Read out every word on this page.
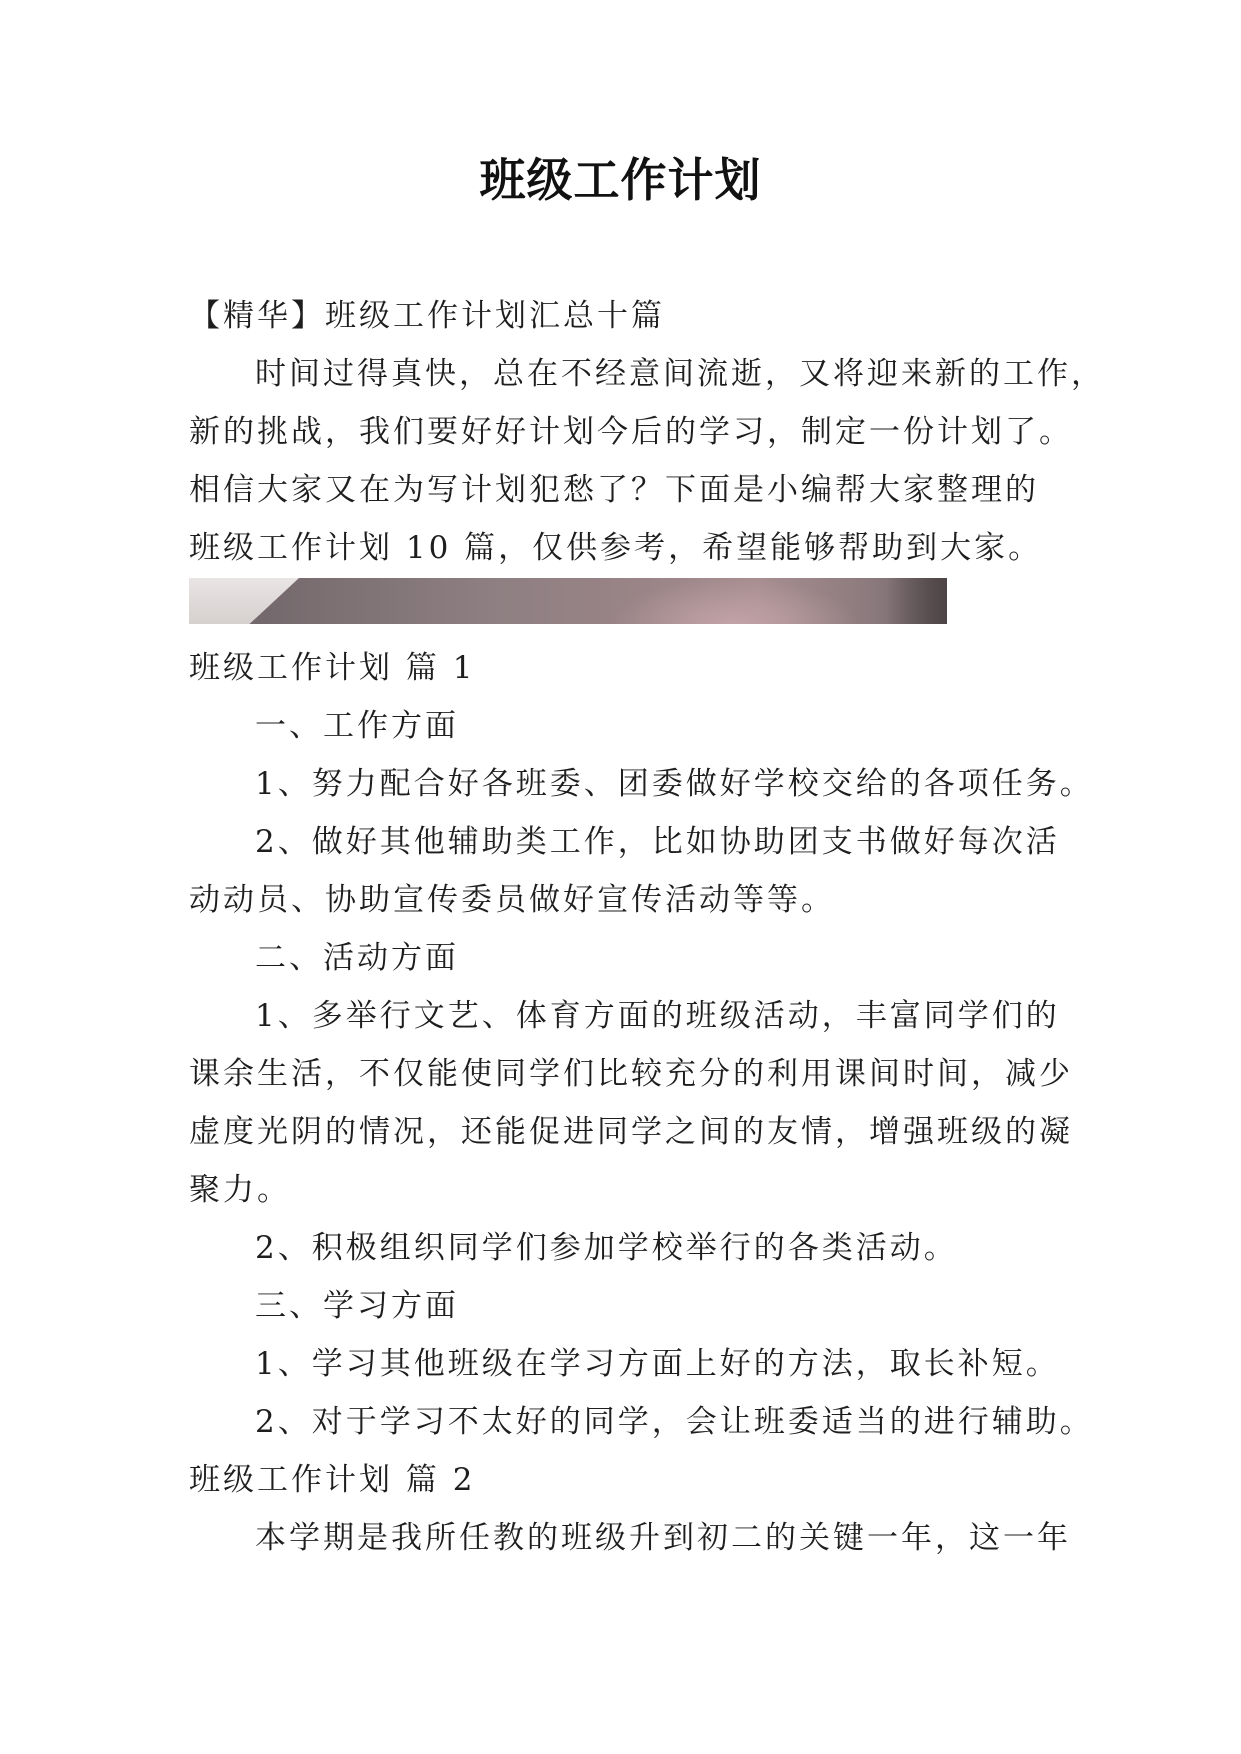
班级工作计划
【精华】班级工作计划汇总十篇
时间过得真快，总在不经意间流逝，又将迎来新的工作，
新的挑战，我们要好好计划今后的学习，制定一份计划了。
相信大家又在为写计划犯愁了？下面是小编帮大家整理的
班级工作计划 10 篇，仅供参考，希望能够帮助到大家。
班级工作计划 篇 1
一、工作方面
1、努力配合好各班委、团委做好学校交给的各项任务。
2、做好其他辅助类工作，比如协助团支书做好每次活
动动员、协助宣传委员做好宣传活动等等。
二、活动方面
1、多举行文艺、体育方面的班级活动，丰富同学们的
课余生活，不仅能使同学们比较充分的利用课间时间，减少
虚度光阴的情况，还能促进同学之间的友情，增强班级的凝
聚力。
2、积极组织同学们参加学校举行的各类活动。
三、学习方面
1、学习其他班级在学习方面上好的方法，取长补短。
2、对于学习不太好的同学，会让班委适当的进行辅助。
班级工作计划 篇 2
本学期是我所任教的班级升到初二的关键一年，这一年
